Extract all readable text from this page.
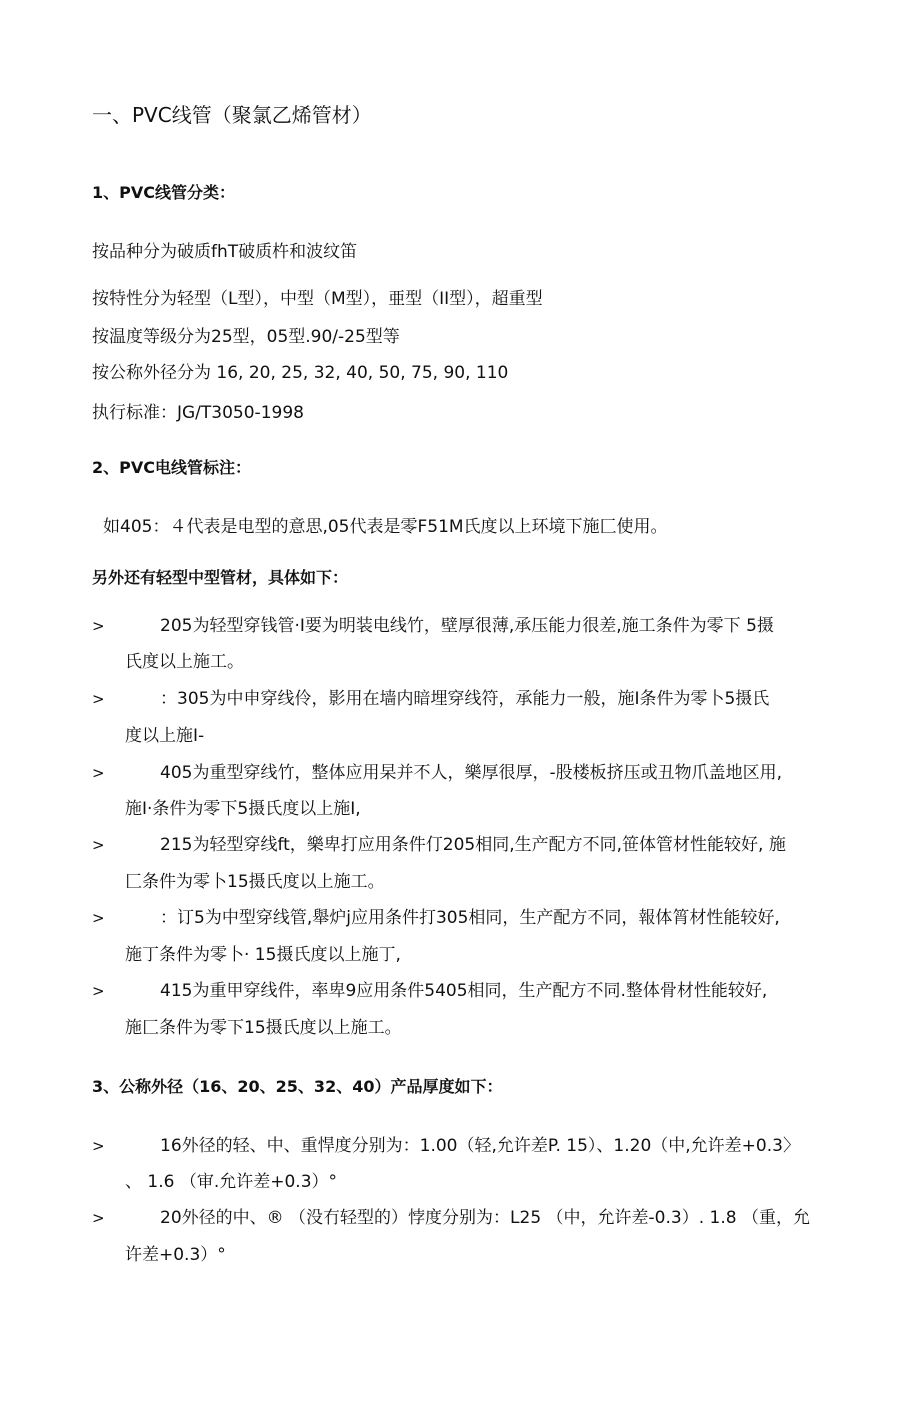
一、PVC线管（聚氯乙烯管材）
1、PVC线管分类：
按品种分为破质fhT破质杵和波纹笛
按特性分为轻型（L型），中型（M型），亜型（II型），超重型
按温度等级分为25型，05型.90/-25型等
按公称外径分为 16, 20, 25, 32, 40, 50, 75, 90, 110
执行标准：JG/T3050-1998
2、PVC电线管标注：
如405：４代表是电型的意思,05代表是零F51M氏度以上环境下施匚使用。
另外还有轻型中型管材，具体如下：
>	205为轻型穿钱管·I要为明装电线竹，壁厚很薄,承压能力很差,施工条件为零下 5摄
氏度以上施工。
>	：305为中申穿线伶，影用在墙内暗埋穿线符，承能力一般，施I条件为零卜5摄氏
度以上施I-
>	405为重型穿线竹，整体应用杲并不人，樂厚很厚，-股楼板挤压或丑物爪盖地区用,
施I·条件为零下5摄氏度以上施I,
>	215为轻型穿线ft，樂卑打应用条件仃205相同,生产配方不同,笹体管材性能较好, 施
匚条件为零卜15摄氏度以上施工。
>	：订5为中型穿线管,舉炉j应用条件打305相同，生产配方不同，報体筲材性能较好,
施丁条件为零卜· 15摄氏度以上施丁,
>	415为重甲穿线件，率卑9应用条件5405相同，生产配方不同.整体骨材性能较好,
施匚条件为零下15摄氏度以上施工。
3、公称外径（16、20、25、32、40）产品厚度如下：
>	16外径的轻、中、重悍度分别为：1.00（轻,允许差P. 15）、1.20（中,允许差+0.3〉
、 1.6 （审.允许差+0.3）°
>	20外径的中、® （没冇轻型的）悖度分别为：L25 （中，允许差-0.3）. 1.8 （重，允
许差+0.3）°
